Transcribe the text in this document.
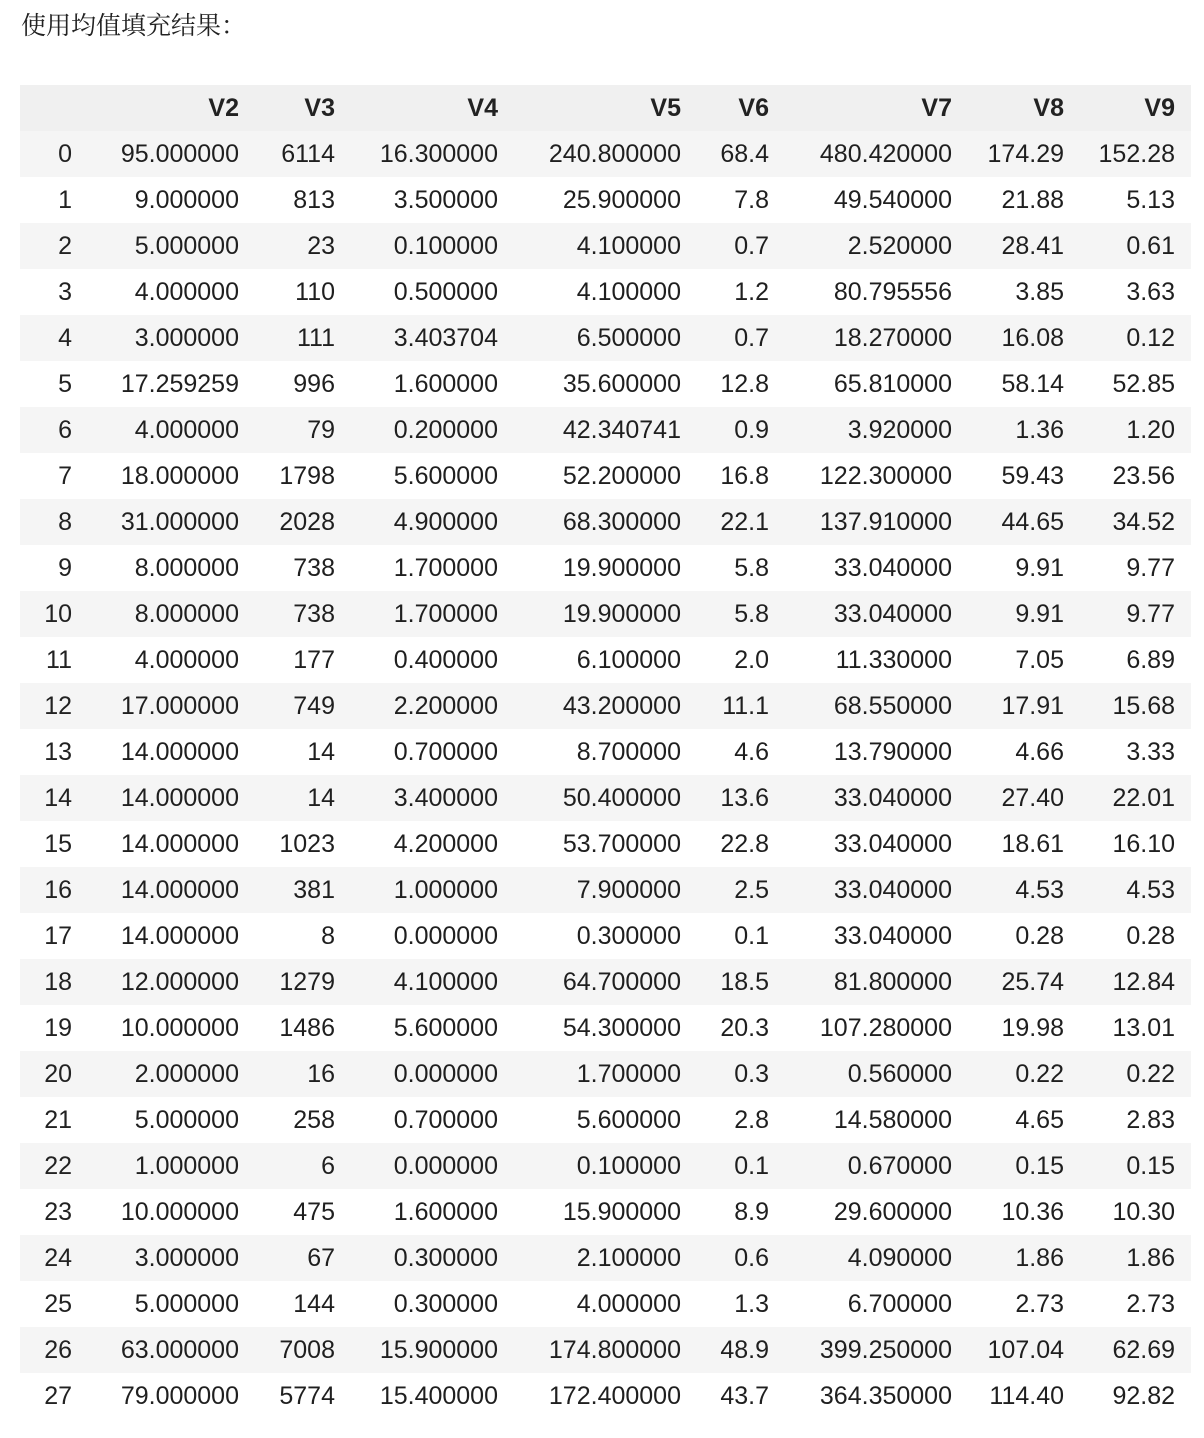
使用均值填充结果：
	V2	V3	V4	V5	V6	V7	V8	V9
0	95.000000	6114	16.300000	240.800000	68.4	480.420000	174.29	152.28
1	9.000000	813	3.500000	25.900000	7.8	49.540000	21.88	5.13
2	5.000000	23	0.100000	4.100000	0.7	2.520000	28.41	0.61
3	4.000000	110	0.500000	4.100000	1.2	80.795556	3.85	3.63
4	3.000000	111	3.403704	6.500000	0.7	18.270000	16.08	0.12
5	17.259259	996	1.600000	35.600000	12.8	65.810000	58.14	52.85
6	4.000000	79	0.200000	42.340741	0.9	3.920000	1.36	1.20
7	18.000000	1798	5.600000	52.200000	16.8	122.300000	59.43	23.56
8	31.000000	2028	4.900000	68.300000	22.1	137.910000	44.65	34.52
9	8.000000	738	1.700000	19.900000	5.8	33.040000	9.91	9.77
10	8.000000	738	1.700000	19.900000	5.8	33.040000	9.91	9.77
11	4.000000	177	0.400000	6.100000	2.0	11.330000	7.05	6.89
12	17.000000	749	2.200000	43.200000	11.1	68.550000	17.91	15.68
13	14.000000	14	0.700000	8.700000	4.6	13.790000	4.66	3.33
14	14.000000	14	3.400000	50.400000	13.6	33.040000	27.40	22.01
15	14.000000	1023	4.200000	53.700000	22.8	33.040000	18.61	16.10
16	14.000000	381	1.000000	7.900000	2.5	33.040000	4.53	4.53
17	14.000000	8	0.000000	0.300000	0.1	33.040000	0.28	0.28
18	12.000000	1279	4.100000	64.700000	18.5	81.800000	25.74	12.84
19	10.000000	1486	5.600000	54.300000	20.3	107.280000	19.98	13.01
20	2.000000	16	0.000000	1.700000	0.3	0.560000	0.22	0.22
21	5.000000	258	0.700000	5.600000	2.8	14.580000	4.65	2.83
22	1.000000	6	0.000000	0.100000	0.1	0.670000	0.15	0.15
23	10.000000	475	1.600000	15.900000	8.9	29.600000	10.36	10.30
24	3.000000	67	0.300000	2.100000	0.6	4.090000	1.86	1.86
25	5.000000	144	0.300000	4.000000	1.3	6.700000	2.73	2.73
26	63.000000	7008	15.900000	174.800000	48.9	399.250000	107.04	62.69
27	79.000000	5774	15.400000	172.400000	43.7	364.350000	114.40	92.82
